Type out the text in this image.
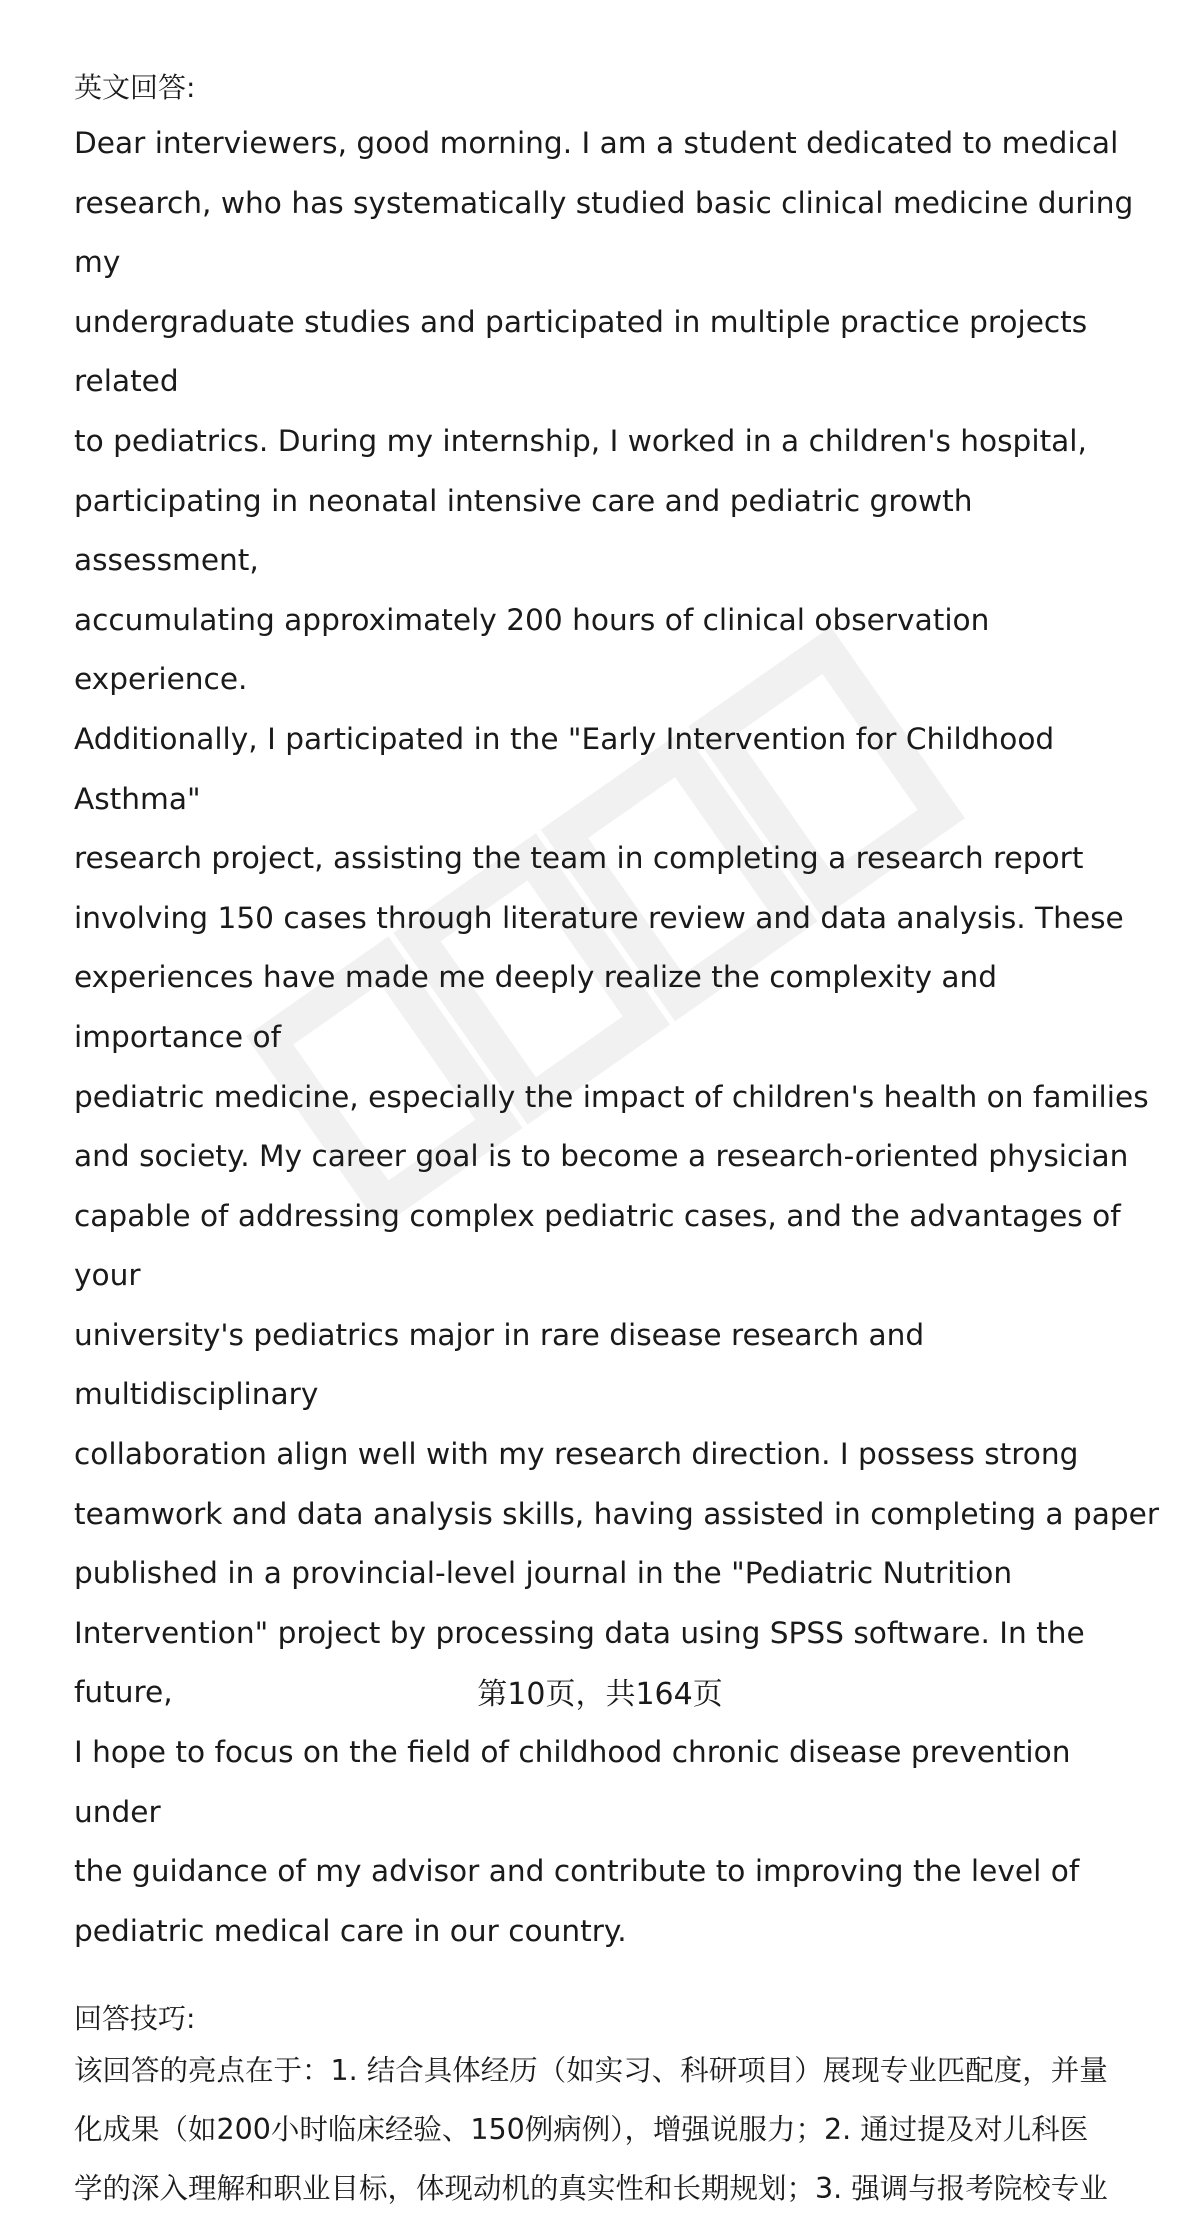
英文回答:

Dear interviewers, good morning. I am a student dedicated to medical
research, who has systematically studied basic clinical medicine during my
undergraduate studies and participated in multiple practice projects related
to pediatrics. During my internship, I worked in a children's hospital,
participating in neonatal intensive care and pediatric growth assessment,
accumulating approximately 200 hours of clinical observation experience.
Additionally, I participated in the "Early Intervention for Childhood Asthma"
research project, assisting the team in completing a research report
involving 150 cases through literature review and data analysis. These
experiences have made me deeply realize the complexity and importance of
pediatric medicine, especially the impact of children's health on families
and society. My career goal is to become a research-oriented physician
capable of addressing complex pediatric cases, and the advantages of your
university's pediatrics major in rare disease research and multidisciplinary
collaboration align well with my research direction. I possess strong
teamwork and data analysis skills, having assisted in completing a paper
published in a provincial-level journal in the "Pediatric Nutrition
Intervention" project by processing data using SPSS software. In the future,
I hope to focus on the field of childhood chronic disease prevention under
the guidance of my advisor and contribute to improving the level of
pediatric medical care in our country.

回答技巧:

该回答的亮点在于：1. 结合具体经历（如实习、科研项目）展现专业匹配度，并量
化成果（如200小时临床经验、150例病例），增强说服力；2. 通过提及对儿科医
学的深入理解和职业目标，体现动机的真实性和长期规划；3. 强调与报考院校专业

第10页，共164页
